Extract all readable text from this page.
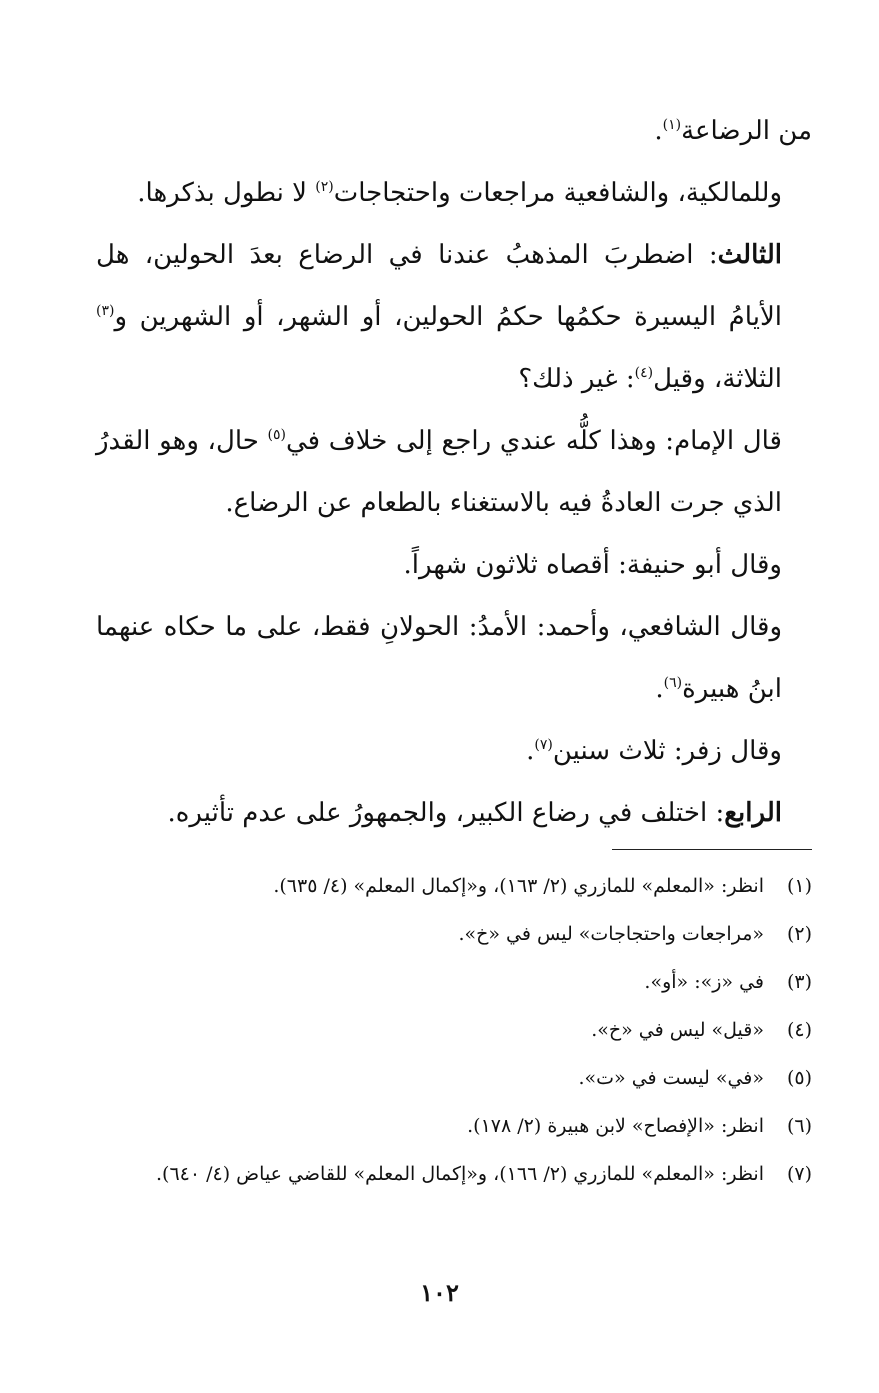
من الرضاعة$^{(١)}$.

وللمالكية، والشافعية مراجعات واحتجاجات$^{(٢)}$ لا نطول بذكرها.

الثالث: اضطربَ المذهبُ عندنا في الرضاع بعدَ الحولين، هل الأيامُ اليسيرة حكمُها حكمُ الحولين، أو الشهر، أو الشهرين و$^{(٣)}$ الثلاثة، وقيل$^{(٤)}$: غير ذلك؟

قال الإمام: وهذا كلُّه عندي راجع إلى خلاف في$^{(٥)}$ حال، وهو القدرُ الذي جرت العادةُ فيه بالاستغناء بالطعام عن الرضاع.

وقال أبو حنيفة: أقصاه ثلاثون شهراً.

وقال الشافعي، وأحمد: الأمدُ: الحولانِ فقط، على ما حكاه عنهما ابنُ هبيرة$^{(٦)}$.

وقال زفر: ثلاث سنين$^{(٧)}$.

الرابع: اختلف في رضاع الكبير، والجمهورُ على عدم تأثيره.

(١)
انظر: «المعلم» للمازري (٢/ ١٦٣)، و«إكمال المعلم» (٤/ ٦٣٥).
(٢)
«مراجعات واحتجاجات» ليس في «خ».
(٣)
في «ز»: «أو».
(٤)
«قيل» ليس في «خ».
(٥)
«في» ليست في «ت».
(٦)
انظر: «الإفصاح» لابن هبيرة (٢/ ١٧٨).
(٧)
انظر: «المعلم» للمازري (٢/ ١٦٦)، و«إكمال المعلم» للقاضي عياض (٤/ ٦٤٠).
١٠٢
